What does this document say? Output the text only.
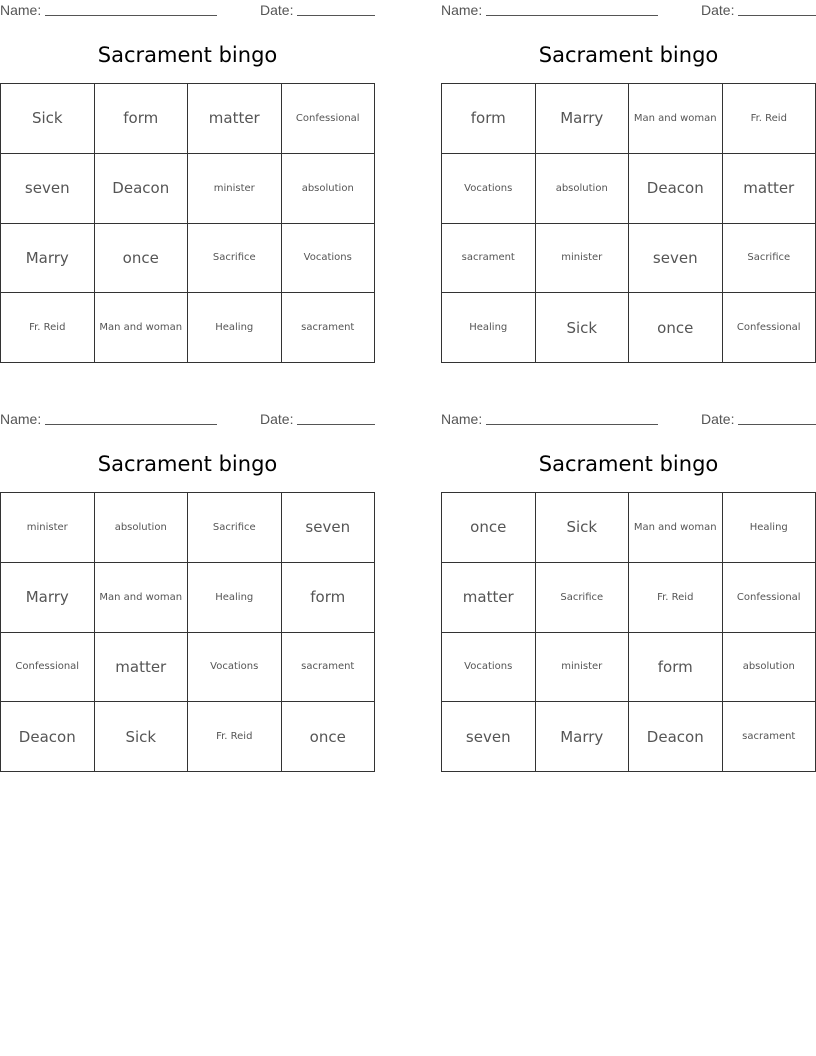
Name:	Date:
Sacrament bingo
Sick	form	matter	Confessional
seven	Deacon	minister	absolution
Marry	once	Sacrifice	Vocations
Fr. Reid	Man and woman	Healing	sacrament
Name:	Date:
Sacrament bingo
form	Marry	Man and woman	Fr. Reid
Vocations	absolution	Deacon	matter
sacrament	minister	seven	Sacrifice
Healing	Sick	once	Confessional
Name:	Date:
Sacrament bingo
minister	absolution	Sacrifice	seven
Marry	Man and woman	Healing	form
Confessional	matter	Vocations	sacrament
Deacon	Sick	Fr. Reid	once
Name:	Date:
Sacrament bingo
once	Sick	Man and woman	Healing
matter	Sacrifice	Fr. Reid	Confessional
Vocations	minister	form	absolution
seven	Marry	Deacon	sacrament
